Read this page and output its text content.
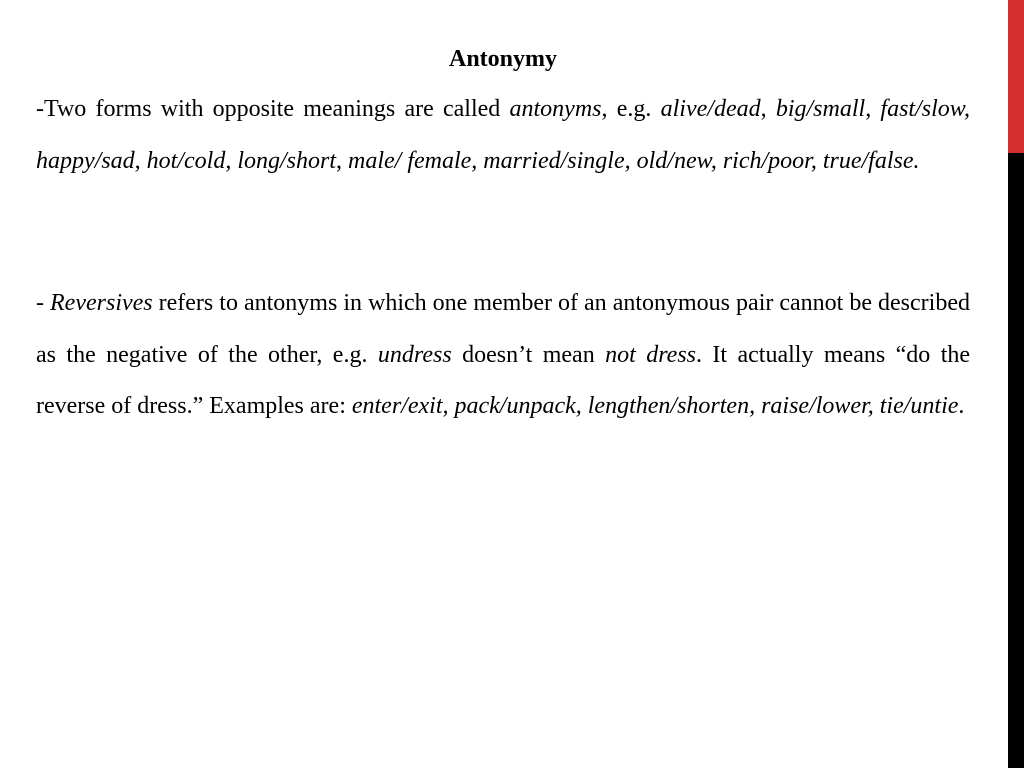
Antonymy

-Two forms with opposite meanings are called antonyms, e.g. alive/dead, big/small, fast/slow, happy/sad, hot/cold, long/short, male/ female, married/single, old/new, rich/poor, true/false.

- Reversives refers to antonyms in which one member of an antonymous pair cannot be described as the negative of the other, e.g. undress doesn’t mean not dress. It actually means “do the reverse of dress.” Examples are: enter/exit, pack/unpack, lengthen/shorten, raise/lower, tie/untie.
